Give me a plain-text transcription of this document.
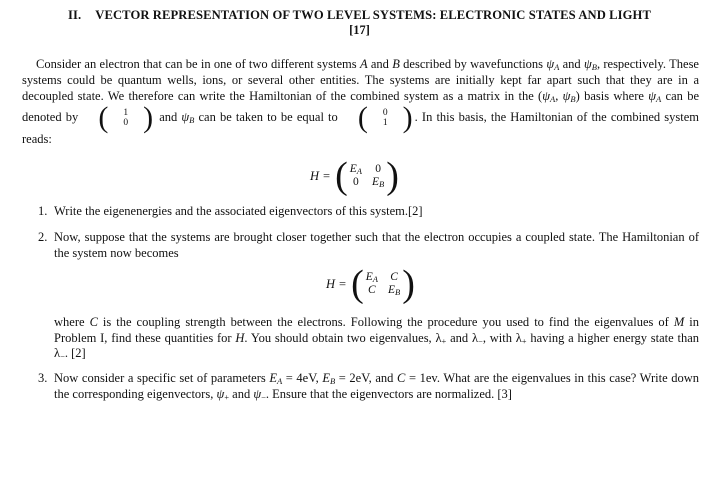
II. VECTOR REPRESENTATION OF TWO LEVEL SYSTEMS: ELECTRONIC STATES AND LIGHT
[17]

Consider an electron that can be in one of two different systems A and B described by wavefunctions $\psi_A$ and $\psi_B$, respectively. These systems could be quantum wells, ions, or several other entities. The systems are initially kept far apart such that they are in a decoupled state. We therefore can write the Hamiltonian of the combined system as a matrix in the ($\psi_A$, $\psi_B$) basis where $\psi_A$ can be denoted by (	1
0 ) and $\psi_B$ can be taken to be equal to (	0
1 ) . In this basis, the Hamiltonian of the combined system reads:

H = ( $E_A$ 0
0 $E_B$ )
1. Write the eigenenergies and the associated eigenvectors of this system.[2]
2. Now, suppose that the systems are brought closer together such that the electron occupies a coupled state. The Hamiltonian of the system now becomes
H = ( $E_A$ C
C $E_B$ )
where C is the coupling strength between the electrons. Following the procedure you used to find the eigenvalues of M in Problem I, find these quantities for H. You should obtain two eigenvalues, $\lambda_+$ and $\lambda_-$, with $\lambda_+$ having a higher energy state than $\lambda_-$. [2]
3. Now consider a specific set of parameters $E_A = 4eV$, $E_B = 2eV$, and C = 1ev. What are the eigenvalues in this case? Write down the corresponding eigenvectors, $\psi_+$ and $\psi_-$. Ensure that the eigenvectors are normalized. [3]
